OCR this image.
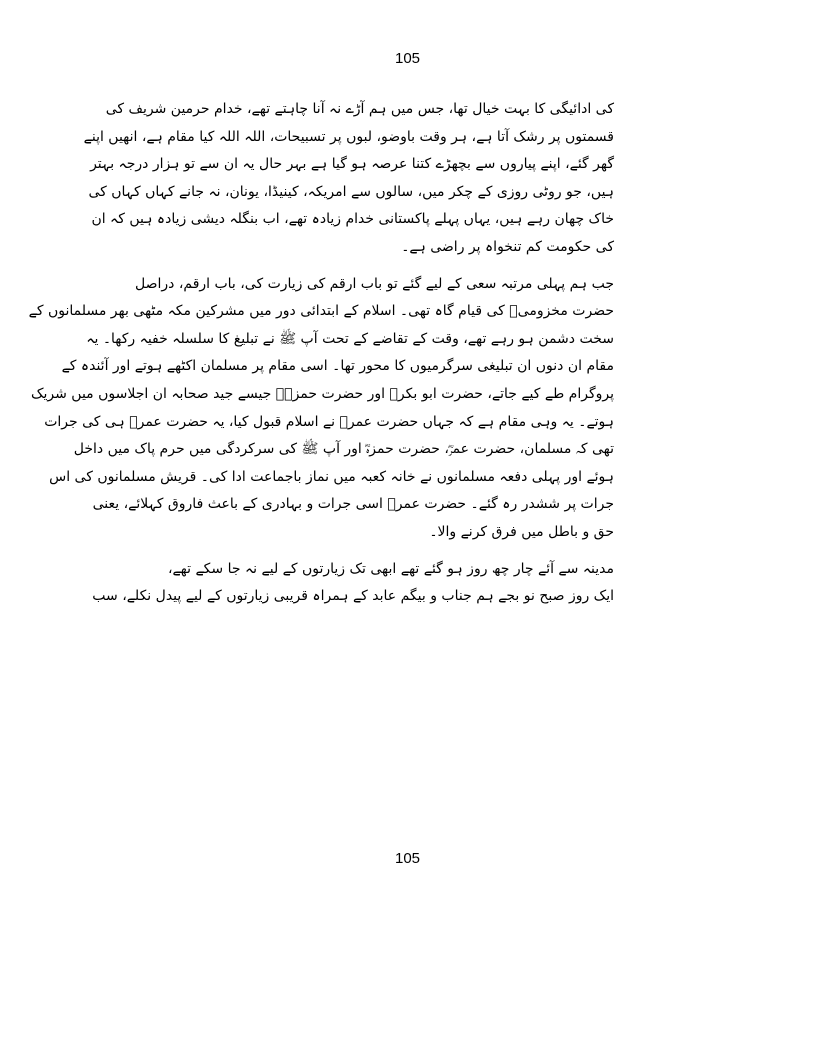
105
کی ادائیگی کا بہت خیال تھا، جس میں ہم آڑے نہ آنا چاہتے تھے، خدام حرمین شریف کی
قسمتوں پر رشک آتا ہے، ہر وقت باوضو، لبوں پر تسبیحات، اللہ اللہ کیا مقام ہے، انھیں اپنے
گھر گئے، اپنے پیاروں سے بچھڑے کتنا عرصہ ہو گیا ہے بہر حال یہ ان سے تو ہزار درجہ بہتر
ہیں، جو روٹی روزی کے چکر میں، سالوں سے امریکہ، کینیڈا، یونان، نہ جانے کہاں کہاں کی
خاک چھان رہے ہیں، یہاں پہلے پاکستانی خدام زیادہ تھے، اب بنگلہ دیشی زیادہ ہیں کہ ان
کی حکومت کم تنخواہ پر راضی ہے۔
جب ہم پہلی مرتبہ سعی کے لیے گئے تو باب ارقم کی زیارت کی، باب ارقم، دراصل
حضرت مخزومیؓ کی قیام گاہ تھی۔ اسلام کے ابتدائی دور میں مشرکین مکہ مٹھی بھر مسلمانوں کے
سخت دشمن ہو رہے تھے، وقت کے تقاضے کے تحت آپ ﷺ نے تبلیغ کا سلسلہ خفیہ رکھا۔ یہ
مقام ان دنوں ان تبلیغی سرگرمیوں کا محور تھا۔ اسی مقام پر مسلمان اکٹھے ہوتے اور آئندہ کے
پروگرام طے کیے جاتے، حضرت ابو بکرؓ اور حضرت حمزہؓ جیسے جید صحابہ ان اجلاسوں میں شریک
ہوتے۔ یہ وہی مقام ہے کہ جہاں حضرت عمرؓ نے اسلام قبول کیا، یہ حضرت عمرؓ ہی کی جرات
تھی کہ مسلمان، حضرت عمرؓ، حضرت حمزہؓ اور آپ ﷺ کی سرکردگی میں حرم پاک میں داخل
ہوئے اور پہلی دفعہ مسلمانوں نے خانہ کعبہ میں نماز باجماعت ادا کی۔ قریش مسلمانوں کی اس
جرات پر ششدر رہ گئے۔ حضرت عمرؓ اسی جرات و بہادری کے باعث فاروق کہلائے، یعنی
حق و باطل میں فرق کرنے والا۔
مدینہ سے آئے چار چھ روز ہو گئے تھے ابھی تک زیارتوں کے لیے نہ جا سکے تھے،
ایک روز صبح نو بجے ہم جناب و بیگم عابد کے ہمراہ قریبی زیارتوں کے لیے پیدل نکلے، سب
105
